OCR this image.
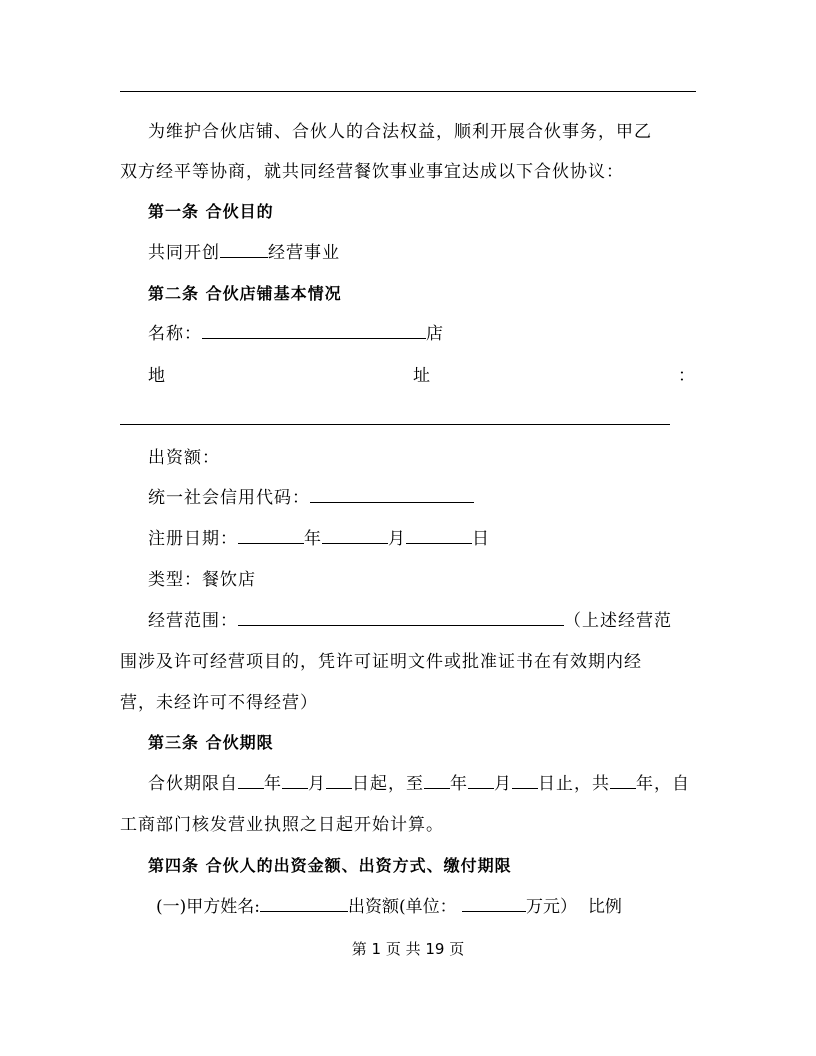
为维护合伙店铺、合伙人的合法权益，顺利开展合伙事务，甲乙
双方经平等协商，就共同经营餐饮事业事宜达成以下合伙协议：
第一条 合伙目的
共同开创	经营事业
第二条 合伙店铺基本情况
名称：	店
地	址	：
出资额：
统一社会信用代码：
注册日期：	年	月	日
类型：餐饮店
经营范围：	（上述经营范
围涉及许可经营项目的，凭许可证明文件或批准证书在有效期内经
营，未经许可不得经营）
第三条 合伙期限
合伙期限自 年 月 日起，至 年 月 日止，共 年，自
工商部门核发营业执照之日起开始计算。
第四条 合伙人的出资金额、出资方式、缴付期限
(一)甲方姓名:	出资额(单位：	万元） 比例
第 1 页 共 19 页
